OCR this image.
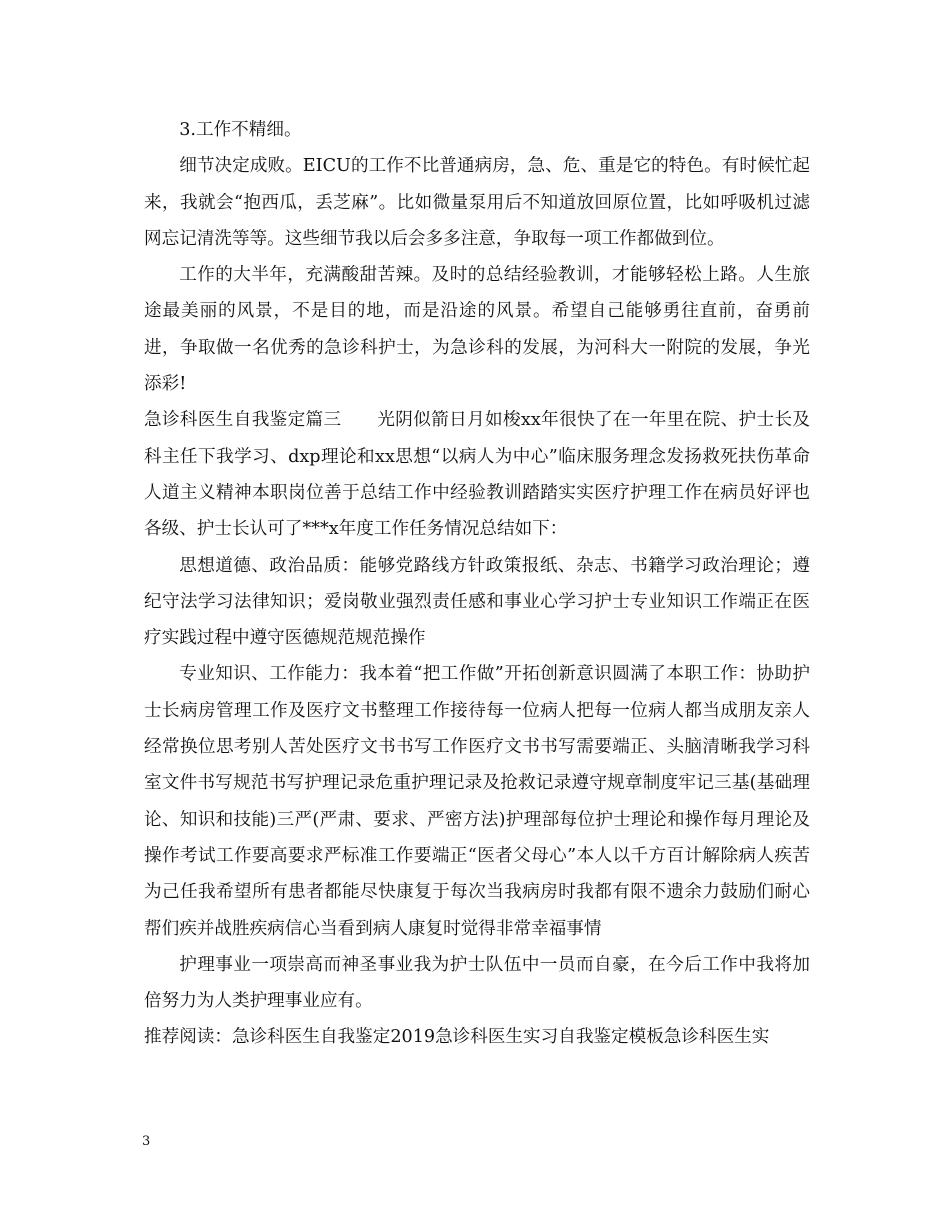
3.工作不精细。

细节决定成败。EICU的工作不比普通病房，急、危、重是它的特色。有时候忙起来，我就会“抱西瓜，丢芝麻”。比如微量泵用后不知道放回原位置，比如呼吸机过滤网忘记清洗等等。这些细节我以后会多多注意，争取每一项工作都做到位。

工作的大半年，充满酸甜苦辣。及时的总结经验教训，才能够轻松上路。人生旅途最美丽的风景，不是目的地，而是沿途的风景。希望自己能够勇往直前，奋勇前进，争取做一名优秀的急诊科护士，为急诊科的发展，为河科大一附院的发展，争光添彩!

急诊科医生自我鉴定篇三　　光阴似箭日月如梭xx年很快了在一年里在院、护士长及科主任下我学习、dxp理论和xx思想“以病人为中心”临床服务理念发扬救死扶伤革命人道主义精神本职岗位善于总结工作中经验教训踏踏实实医疗护理工作在病员好评也各级、护士长认可了***x年度工作任务情况总结如下：

思想道德、政治品质：能够党路线方针政策报纸、杂志、书籍学习政治理论；遵纪守法学习法律知识；爱岗敬业强烈责任感和事业心学习护士专业知识工作端正在医疗实践过程中遵守医德规范规范操作

专业知识、工作能力：我本着“把工作做”开拓创新意识圆满了本职工作：协助护士长病房管理工作及医疗文书整理工作接待每一位病人把每一位病人都当成朋友亲人经常换位思考别人苦处医疗文书书写工作医疗文书书写需要端正、头脑清晰我学习科室文件书写规范书写护理记录危重护理记录及抢救记录遵守规章制度牢记三基(基础理论、知识和技能)三严(严肃、要求、严密方法)护理部每位护士理论和操作每月理论及操作考试工作要高要求严标准工作要端正“医者父母心”本人以千方百计解除病人疾苦为己任我希望所有患者都能尽快康复于每次当我病房时我都有限不遗余力鼓励们耐心帮们疾并战胜疾病信心当看到病人康复时觉得非常幸福事情

护理事业一项崇高而神圣事业我为护士队伍中一员而自豪，在今后工作中我将加倍努力为人类护理事业应有。

推荐阅读：急诊科医生自我鉴定2019急诊科医生实习自我鉴定模板急诊科医生实

3
